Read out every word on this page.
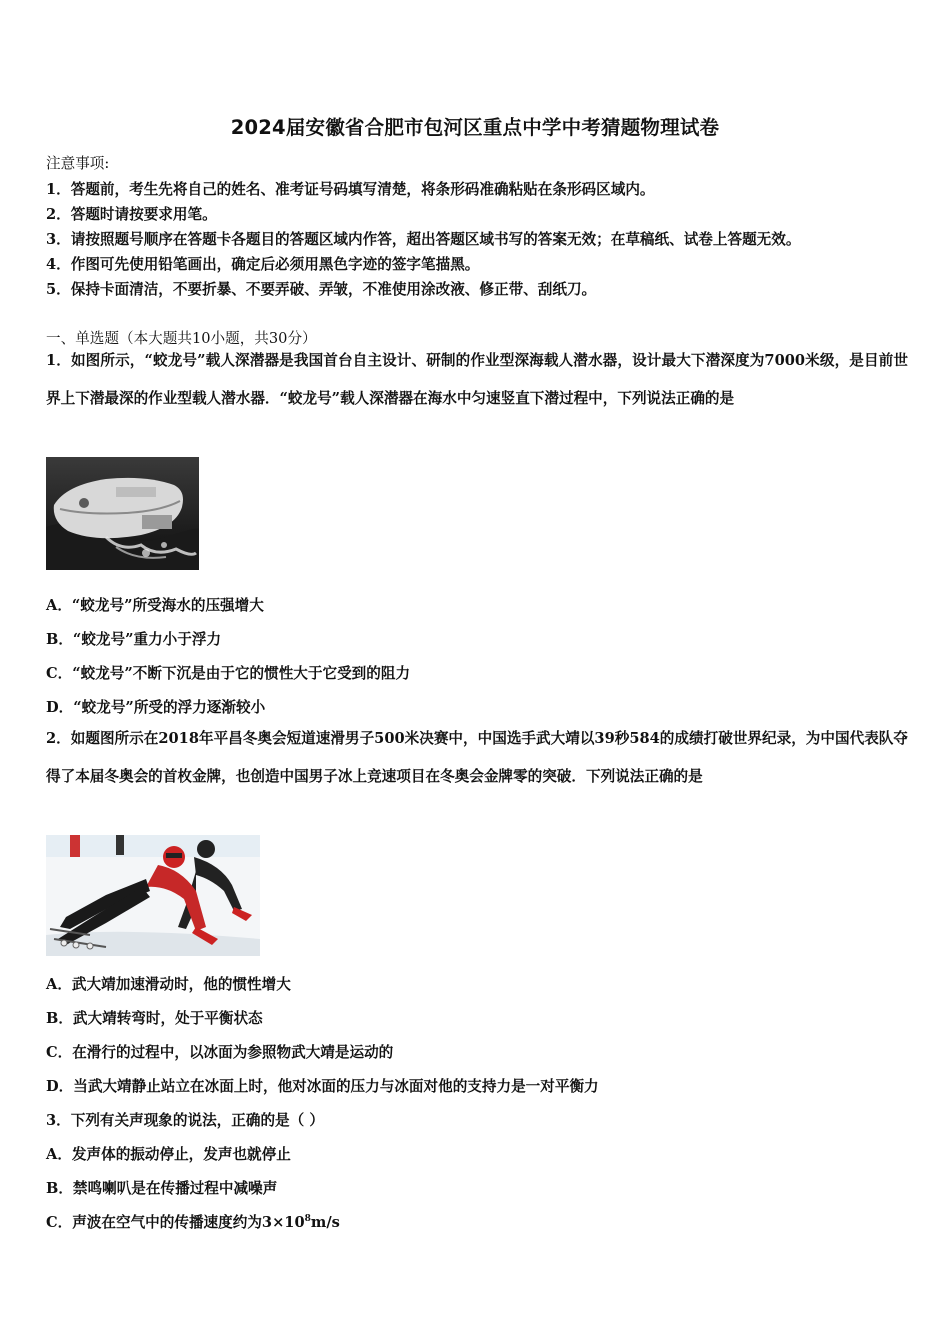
2024届安徽省合肥市包河区重点中学中考猜题物理试卷
注意事项:
1．答题前，考生先将自己的姓名、准考证号码填写清楚，将条形码准确粘贴在条形码区域内。
2．答题时请按要求用笔。
3．请按照题号顺序在答题卡各题目的答题区域内作答，超出答题区域书写的答案无效；在草稿纸、试卷上答题无效。
4．作图可先使用铅笔画出，确定后必须用黑色字迹的签字笔描黑。
5．保持卡面清洁，不要折暴、不要弄破、弄皱，不准使用涂改液、修正带、刮纸刀。
一、单选题（本大题共10小题，共30分）
1．如图所示，“蛟龙号”载人深潜器是我国首台自主设计、研制的作业型深海载人潜水器，设计最大下潜深度为7000米级，是目前世界上下潜最深的作业型载人潜水器．“蛟龙号”载人深潜器在海水中匀速竖直下潜过程中，下列说法正确的是
A．“蛟龙号”所受海水的压强增大
B．“蛟龙号”重力小于浮力
C．“蛟龙号”不断下沉是由于它的惯性大于它受到的阻力
D．“蛟龙号”所受的浮力逐渐较小
2．如题图所示在2018年平昌冬奥会短道速滑男子500米决赛中，中国选手武大靖以39秒584的成绩打破世界纪录，为中国代表队夺得了本届冬奥会的首枚金牌，也创造中国男子冰上竞速项目在冬奥会金牌零的突破．下列说法正确的是
A．武大靖加速滑动时，他的惯性增大
B．武大靖转弯时，处于平衡状态
C．在滑行的过程中，以冰面为参照物武大靖是运动的
D．当武大靖静止站立在冰面上时，他对冰面的压力与冰面对他的支持力是一对平衡力
3．下列有关声现象的说法，正确的是（ ）
A．发声体的振动停止，发声也就停止
B．禁鸣喇叭是在传播过程中减噪声
C．声波在空气中的传播速度约为$3\times 10^8m/s$
